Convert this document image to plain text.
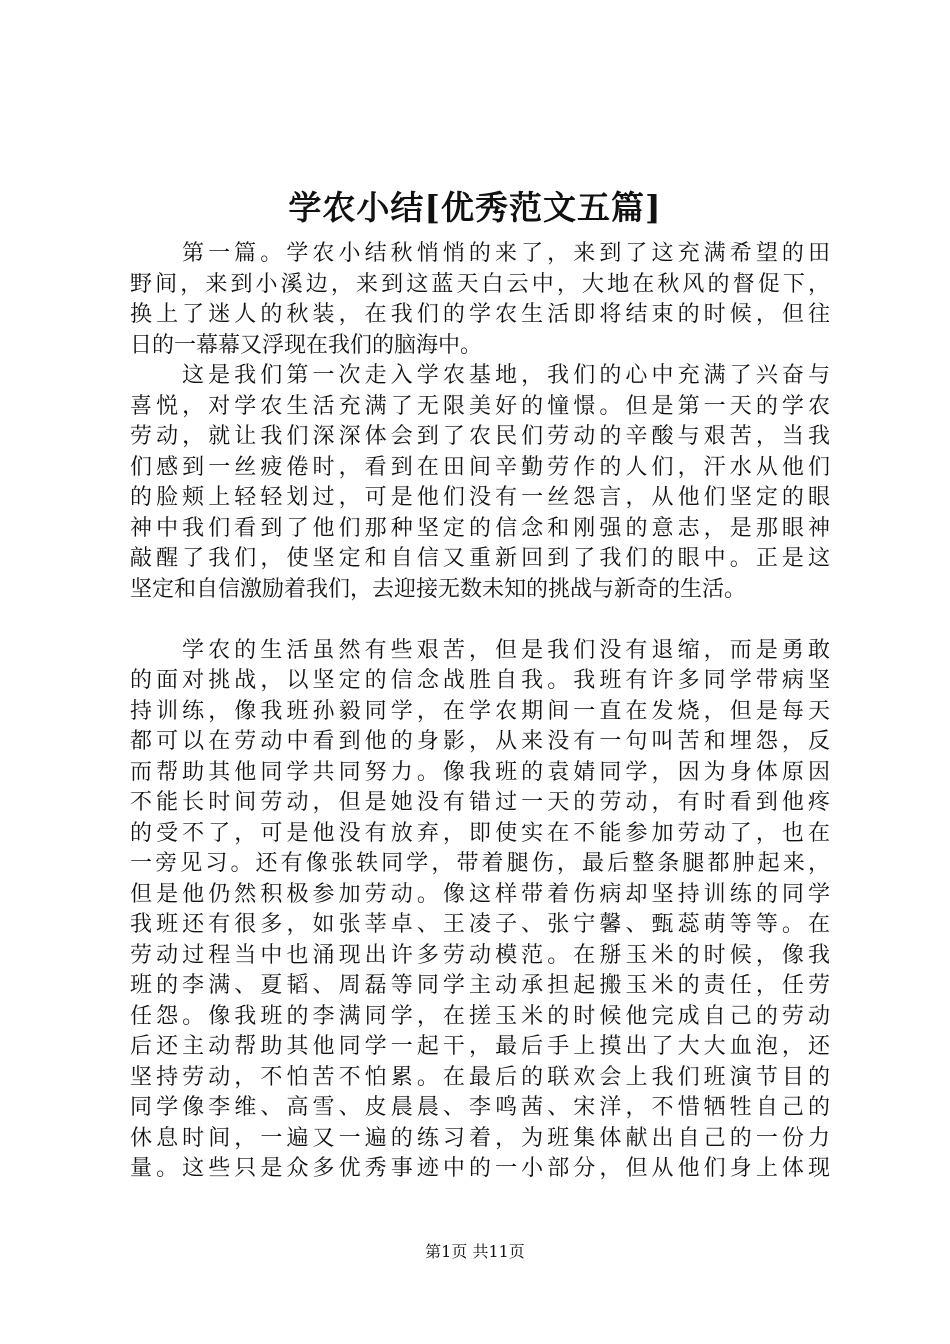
学农小结[优秀范文五篇]
第一篇。学农小结秋悄悄的来了，来到了这充满希望的田
野间，来到小溪边，来到这蓝天白云中，大地在秋风的督促下，
换上了迷人的秋装，在我们的学农生活即将结束的时候，但往
日的一幕幕又浮现在我们的脑海中。
这是我们第一次走入学农基地，我们的心中充满了兴奋与
喜悦，对学农生活充满了无限美好的憧憬。但是第一天的学农
劳动，就让我们深深体会到了农民们劳动的辛酸与艰苦，当我
们感到一丝疲倦时，看到在田间辛勤劳作的人们，汗水从他们
的脸颊上轻轻划过，可是他们没有一丝怨言，从他们坚定的眼
神中我们看到了他们那种坚定的信念和刚强的意志，是那眼神
敲醒了我们，使坚定和自信又重新回到了我们的眼中。正是这
坚定和自信激励着我们，去迎接无数未知的挑战与新奇的生活。
学农的生活虽然有些艰苦，但是我们没有退缩，而是勇敢
的面对挑战，以坚定的信念战胜自我。我班有许多同学带病坚
持训练，像我班孙毅同学，在学农期间一直在发烧，但是每天
都可以在劳动中看到他的身影，从来没有一句叫苦和埋怨，反
而帮助其他同学共同努力。像我班的袁婧同学，因为身体原因
不能长时间劳动，但是她没有错过一天的劳动，有时看到他疼
的受不了，可是他没有放弃，即使实在不能参加劳动了，也在
一旁见习。还有像张轶同学，带着腿伤，最后整条腿都肿起来，
但是他仍然积极参加劳动。像这样带着伤病却坚持训练的同学
我班还有很多，如张莘卓、王凌子、张宁馨、甄蕊萌等等。在
劳动过程当中也涌现出许多劳动模范。在掰玉米的时候，像我
班的李满、夏韬、周磊等同学主动承担起搬玉米的责任，任劳
任怨。像我班的李满同学，在搓玉米的时候他完成自己的劳动
后还主动帮助其他同学一起干，最后手上摸出了大大血泡，还
坚持劳动，不怕苦不怕累。在最后的联欢会上我们班演节目的
同学像李维、高雪、皮晨晨、李鸣茜、宋洋，不惜牺牲自己的
休息时间，一遍又一遍的练习着，为班集体献出自己的一份力
量。这些只是众多优秀事迹中的一小部分，但从他们身上体现
第1页 共11页
